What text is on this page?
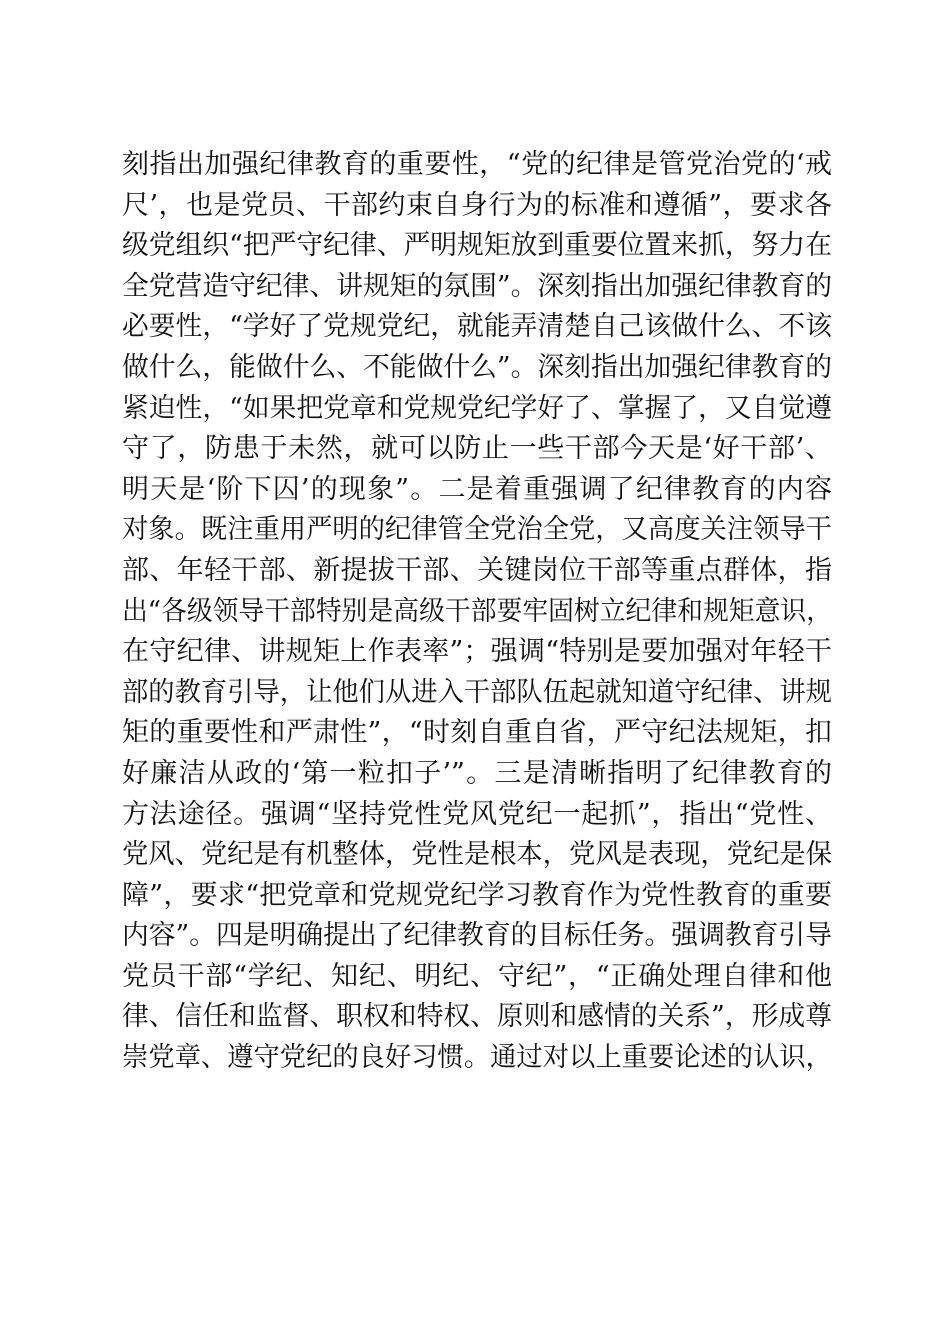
刻指出加强纪律教育的重要性，“党的纪律是管党治党的‘戒
尺’，也是党员、干部约束自身行为的标准和遵循”，要求各
级党组织“把严守纪律、严明规矩放到重要位置来抓，努力在
全党营造守纪律、讲规矩的氛围”。深刻指出加强纪律教育的
必要性，“学好了党规党纪，就能弄清楚自己该做什么、不该
做什么，能做什么、不能做什么”。深刻指出加强纪律教育的
紧迫性，“如果把党章和党规党纪学好了、掌握了，又自觉遵
守了，防患于未然，就可以防止一些干部今天是‘好干部’、
明天是‘阶下囚’的现象”。二是着重强调了纪律教育的内容
对象。既注重用严明的纪律管全党治全党，又高度关注领导干
部、年轻干部、新提拔干部、关键岗位干部等重点群体，指
出“各级领导干部特别是高级干部要牢固树立纪律和规矩意识，
在守纪律、讲规矩上作表率”；强调“特别是要加强对年轻干
部的教育引导，让他们从进入干部队伍起就知道守纪律、讲规
矩的重要性和严肃性”，“时刻自重自省，严守纪法规矩，扣
好廉洁从政的‘第一粒扣子’”。三是清晰指明了纪律教育的
方法途径。强调“坚持党性党风党纪一起抓”，指出“党性、
党风、党纪是有机整体，党性是根本，党风是表现，党纪是保
障”，要求“把党章和党规党纪学习教育作为党性教育的重要
内容”。四是明确提出了纪律教育的目标任务。强调教育引导
党员干部“学纪、知纪、明纪、守纪”，“正确处理自律和他
律、信任和监督、职权和特权、原则和感情的关系”，形成尊
崇党章、遵守党纪的良好习惯。通过对以上重要论述的认识，
